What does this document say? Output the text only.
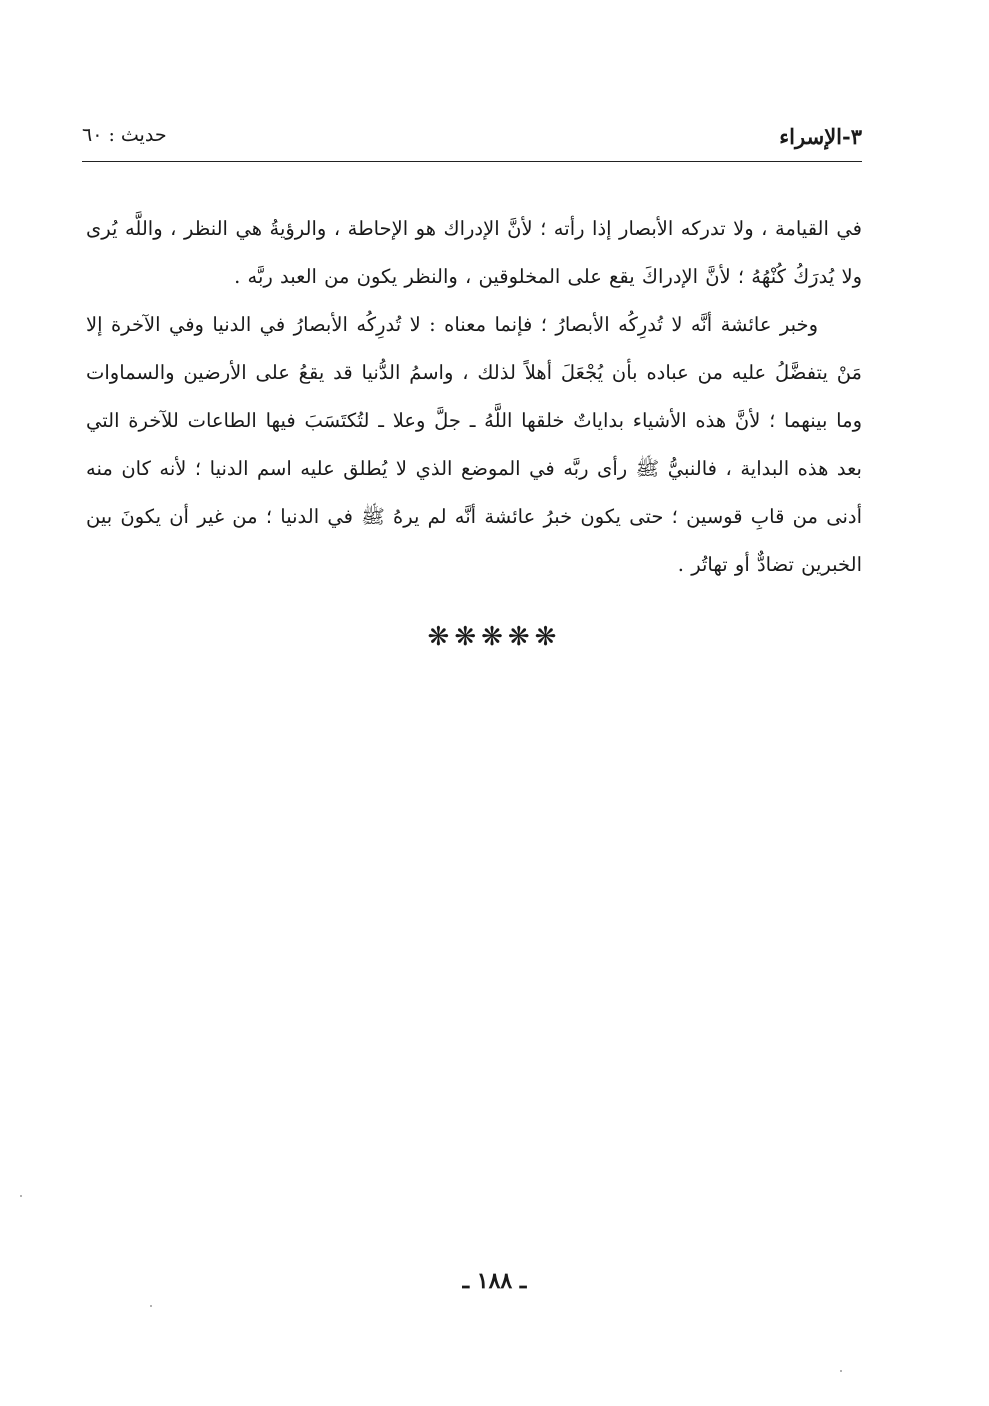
٣-الإسراء
حديث : ٦٠

في القيامة ، ولا تدركه الأبصار إذا رأته ؛ لأنَّ الإدراك هو الإحاطة ، والرؤيةُ هي النظر ، واللَّه يُرى ولا يُدرَكُ كُنْهُهُ ؛ لأنَّ الإدراكَ يقع على المخلوقين ، والنظر يكون من العبد ربَّه .

وخبر عائشة أنَّه لا تُدرِكُه الأبصارُ ؛ فإنما معناه : لا تُدرِكُه الأبصارُ في الدنيا وفي الآخرة إلا مَنْ يتفضَّلُ عليه من عباده بأن يُجْعَلَ أهلاً لذلك ، واسمُ الدُّنيا قد يقعُ على الأرضين والسماوات وما بينهما ؛ لأنَّ هذه الأشياء بداياتٌ خلقها اللَّهُ ـ جلَّ وعلا ـ لتُكتَسَبَ فيها الطاعات للآخرة التي بعد هذه البداية ، فالنبيُّ ﷺ رأى ربَّه في الموضع الذي لا يُطلق عليه اسم الدنيا ؛ لأنه كان منه أدنى من قابِ قوسين ؛ حتى يكون خبرُ عائشة أنَّه لم يرهُ ﷺ في الدنيا ؛ من غير أن يكونَ بين الخبرين تضادٌّ أو تهاتُر .

❋❋❋❋❋
ـ ١٨٨ ـ
